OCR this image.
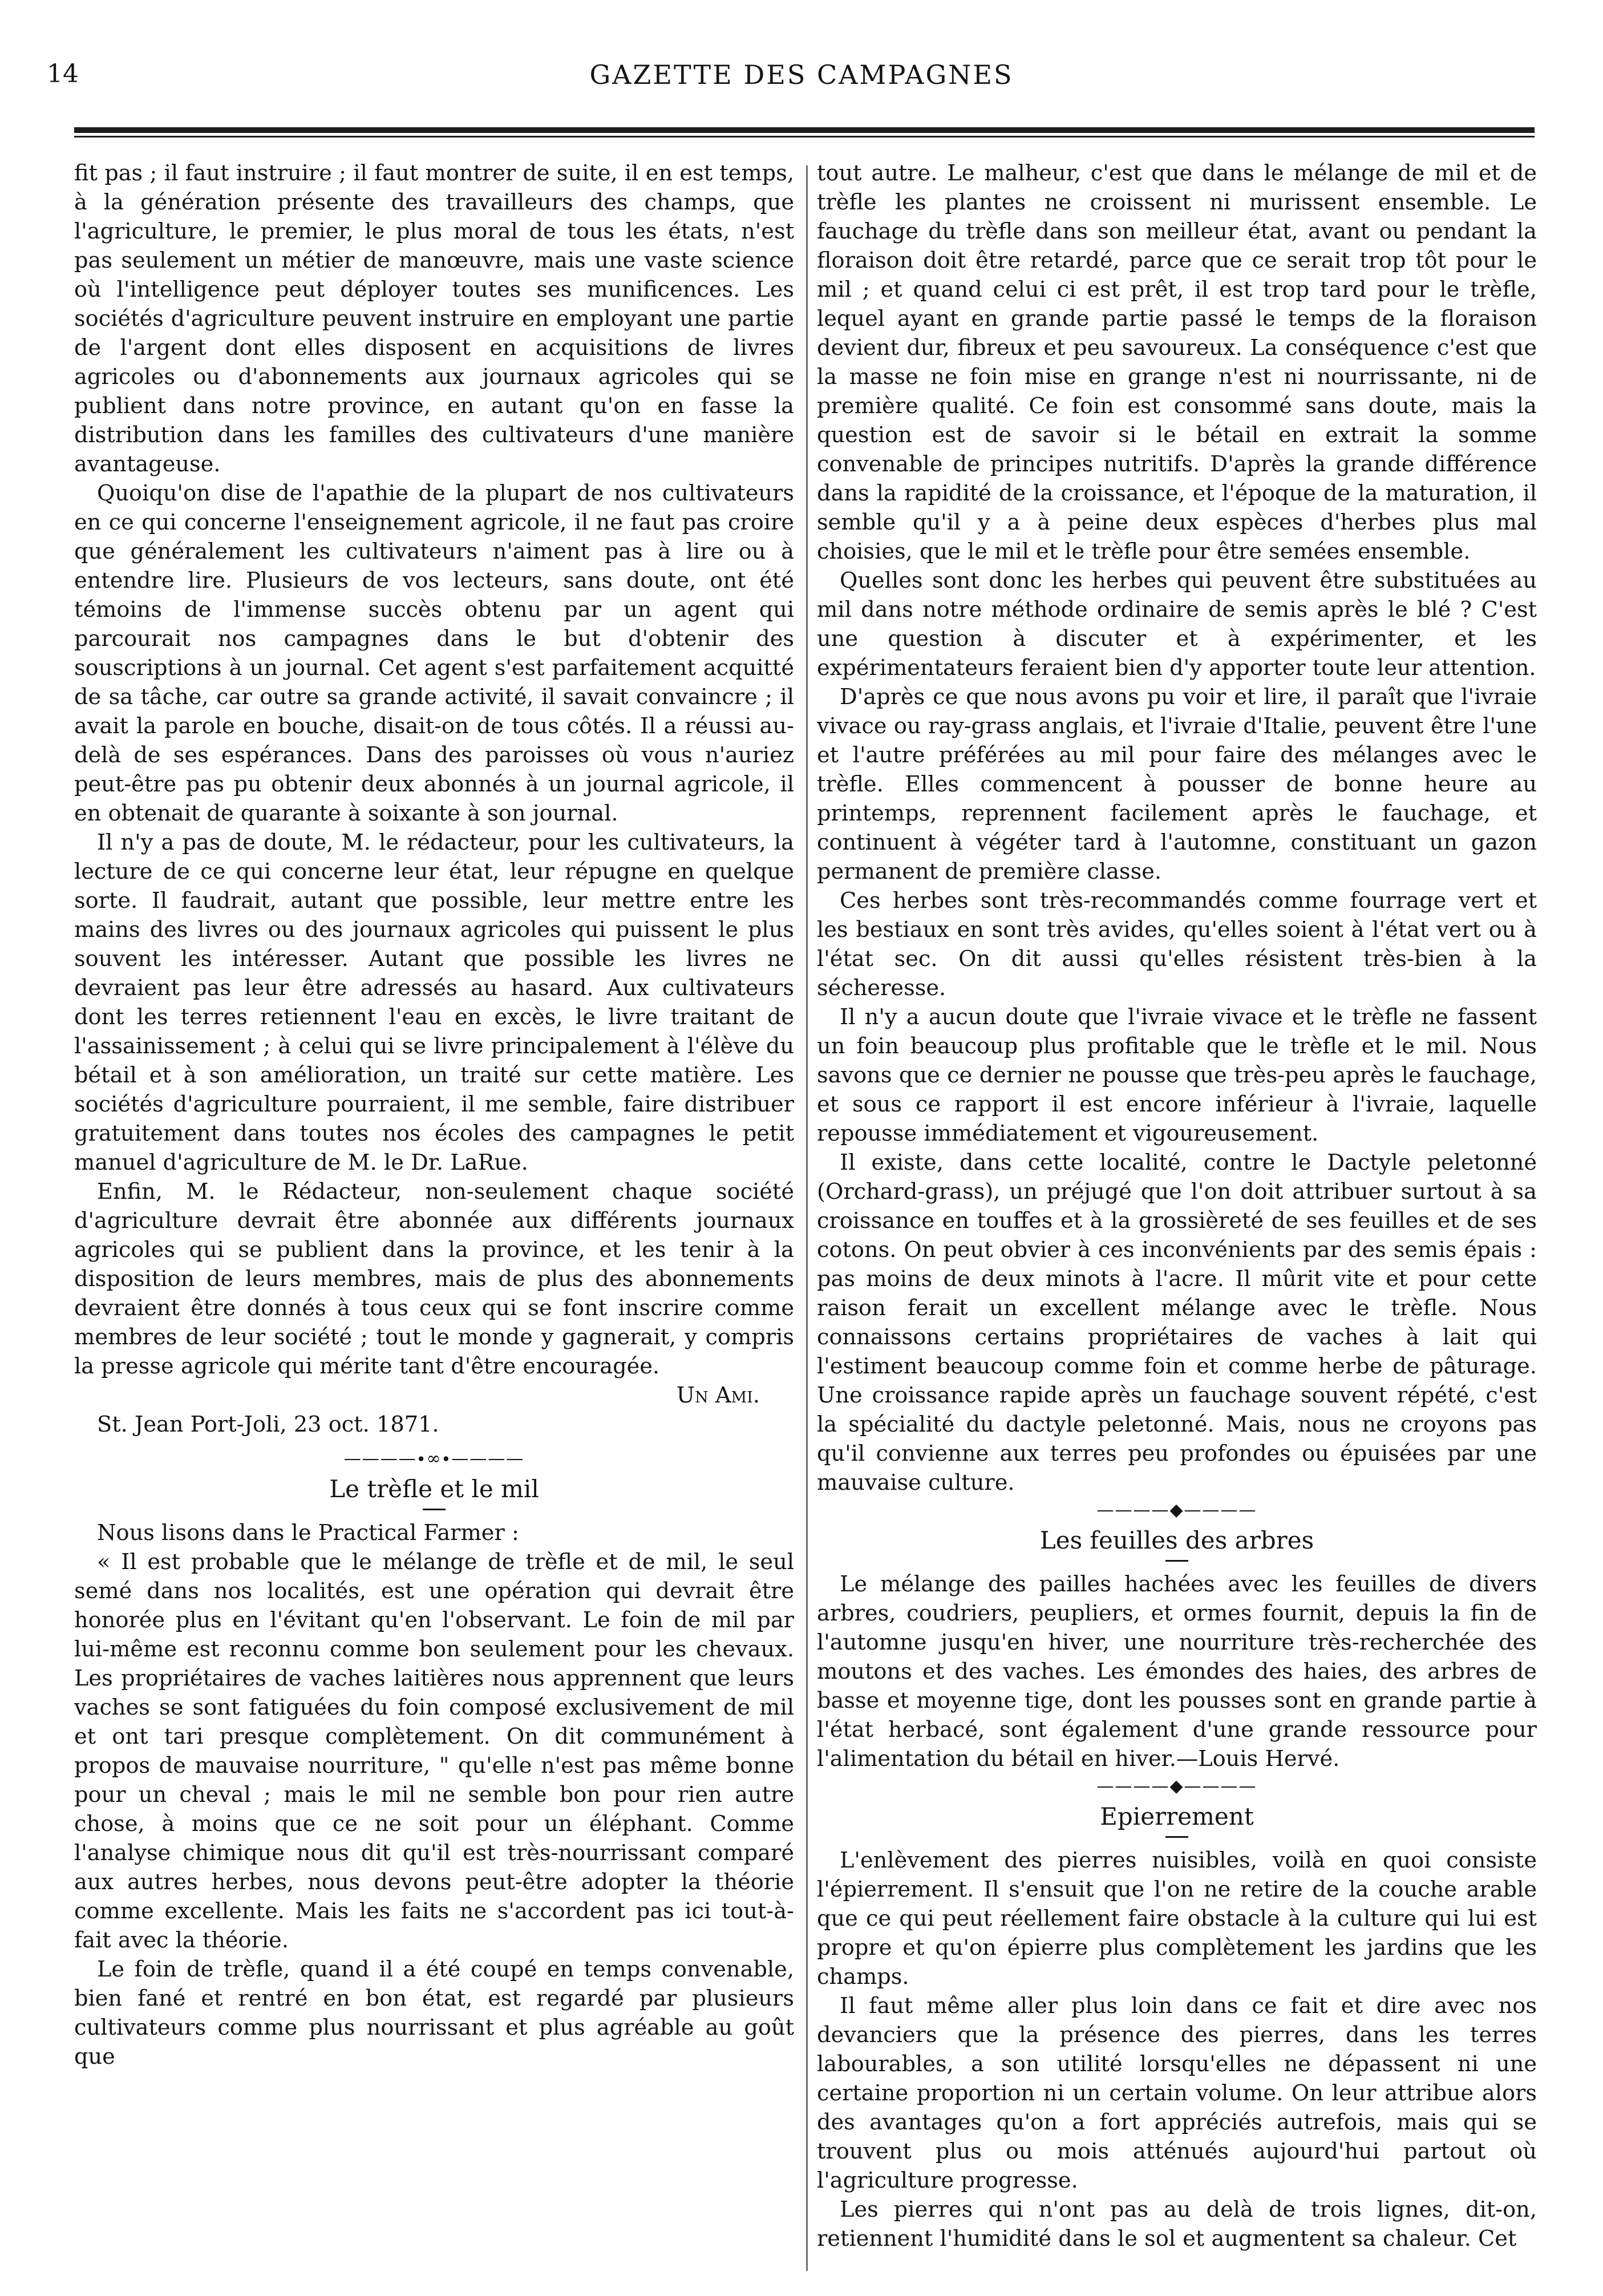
14	GAZETTE DES CAMPAGNES

fit pas ; il faut instruire ; il faut montrer de suite, il en est temps, à la génération présente des travailleurs des champs, que l'agriculture, le premier, le plus moral de tous les états, n'est pas seulement un métier de manœuvre, mais une vaste science où l'intelligence peut déployer toutes ses munificences. Les sociétés d'agriculture peuvent instruire en employant une partie de l'argent dont elles disposent en acquisitions de livres agricoles ou d'abonnements aux journaux agricoles qui se publient dans notre province, en autant qu'on en fasse la distribution dans les familles des cultivateurs d'une manière avantageuse.

Quoiqu'on dise de l'apathie de la plupart de nos cultivateurs en ce qui concerne l'enseignement agricole, il ne faut pas croire que généralement les cultivateurs n'aiment pas à lire ou à entendre lire. Plusieurs de vos lecteurs, sans doute, ont été témoins de l'immense succès obtenu par un agent qui parcourait nos campagnes dans le but d'obtenir des souscriptions à un journal. Cet agent s'est parfaitement acquitté de sa tâche, car outre sa grande activité, il savait convaincre ; il avait la parole en bouche, disait-on de tous côtés. Il a réussi au-delà de ses espérances. Dans des paroisses où vous n'auriez peut-être pas pu obtenir deux abonnés à un journal agricole, il en obtenait de quarante à soixante à son journal.

Il n'y a pas de doute, M. le rédacteur, pour les cultivateurs, la lecture de ce qui concerne leur état, leur répugne en quelque sorte. Il faudrait, autant que possible, leur mettre entre les mains des livres ou des journaux agricoles qui puissent le plus souvent les intéresser. Autant que possible les livres ne devraient pas leur être adressés au hasard. Aux cultivateurs dont les terres retiennent l'eau en excès, le livre traitant de l'assainissement ; à celui qui se livre principalement à l'élève du bétail et à son amélioration, un traité sur cette matière. Les sociétés d'agriculture pourraient, il me semble, faire distribuer gratuitement dans toutes nos écoles des campagnes le petit manuel d'agriculture de M. le Dr. LaRue.

Enfin, M. le Rédacteur, non-seulement chaque société d'agriculture devrait être abonnée aux différents journaux agricoles qui se publient dans la province, et les tenir à la disposition de leurs membres, mais de plus des abonnements devraient être donnés à tous ceux qui se font inscrire comme membres de leur société ; tout le monde y gagnerait, y compris la presse agricole qui mérite tant d'être encouragée.

Un Ami.

St. Jean Port-Joli, 23 oct. 1871.

————∙∞∙————
Le trèfle et le mil

Nous lisons dans le Practical Farmer :

« Il est probable que le mélange de trèfle et de mil, le seul semé dans nos localités, est une opération qui devrait être honorée plus en l'évitant qu'en l'observant. Le foin de mil par lui-même est reconnu comme bon seulement pour les chevaux. Les propriétaires de vaches laitières nous apprennent que leurs vaches se sont fatiguées du foin composé exclusivement de mil et ont tari presque complètement. On dit communément à propos de mauvaise nourriture, " qu'elle n'est pas même bonne pour un cheval ; mais le mil ne semble bon pour rien autre chose, à moins que ce ne soit pour un éléphant. Comme l'analyse chimique nous dit qu'il est très-nourrissant comparé aux autres herbes, nous devons peut-être adopter la théorie comme excellente. Mais les faits ne s'accordent pas ici tout-à-fait avec la théorie.

Le foin de trèfle, quand il a été coupé en temps convenable, bien fané et rentré en bon état, est regardé par plusieurs cultivateurs comme plus nourrissant et plus agréable au goût que

tout autre. Le malheur, c'est que dans le mélange de mil et de trèfle les plantes ne croissent ni murissent ensemble. Le fauchage du trèfle dans son meilleur état, avant ou pendant la floraison doit être retardé, parce que ce serait trop tôt pour le mil ; et quand celui ci est prêt, il est trop tard pour le trèfle, lequel ayant en grande partie passé le temps de la floraison devient dur, fibreux et peu savoureux. La conséquence c'est que la masse ne foin mise en grange n'est ni nourrissante, ni de première qualité. Ce foin est consommé sans doute, mais la question est de savoir si le bétail en extrait la somme convenable de principes nutritifs. D'après la grande différence dans la rapidité de la croissance, et l'époque de la maturation, il semble qu'il y a à peine deux espèces d'herbes plus mal choisies, que le mil et le trèfle pour être semées ensemble.

Quelles sont donc les herbes qui peuvent être substituées au mil dans notre méthode ordinaire de semis après le blé ? C'est une question à discuter et à expérimenter, et les expérimentateurs feraient bien d'y apporter toute leur attention.

D'après ce que nous avons pu voir et lire, il paraît que l'ivraie vivace ou ray-grass anglais, et l'ivraie d'Italie, peuvent être l'une et l'autre préférées au mil pour faire des mélanges avec le trèfle. Elles commencent à pousser de bonne heure au printemps, reprennent facilement après le fauchage, et continuent à végéter tard à l'automne, constituant un gazon permanent de première classe.

Ces herbes sont très-recommandés comme fourrage vert et les bestiaux en sont très avides, qu'elles soient à l'état vert ou à l'état sec. On dit aussi qu'elles résistent très-bien à la sécheresse.

Il n'y a aucun doute que l'ivraie vivace et le trèfle ne fassent un foin beaucoup plus profitable que le trèfle et le mil. Nous savons que ce dernier ne pousse que très-peu après le fauchage, et sous ce rapport il est encore inférieur à l'ivraie, laquelle repousse immédiatement et vigoureusement.

Il existe, dans cette localité, contre le Dactyle peletonné (Orchard-grass), un préjugé que l'on doit attribuer surtout à sa croissance en touffes et à la grossièreté de ses feuilles et de ses cotons. On peut obvier à ces inconvénients par des semis épais : pas moins de deux minots à l'acre. Il mûrit vite et pour cette raison ferait un excellent mélange avec le trèfle. Nous connaissons certains propriétaires de vaches à lait qui l'estiment beaucoup comme foin et comme herbe de pâturage. Une croissance rapide après un fauchage souvent répété, c'est la spécialité du dactyle peletonné. Mais, nous ne croyons pas qu'il convienne aux terres peu profondes ou épuisées par une mauvaise culture.

————◆————
Les feuilles des arbres

Le mélange des pailles hachées avec les feuilles de divers arbres, coudriers, peupliers, et ormes fournit, depuis la fin de l'automne jusqu'en hiver, une nourriture très-recherchée des moutons et des vaches. Les émondes des haies, des arbres de basse et moyenne tige, dont les pousses sont en grande partie à l'état herbacé, sont également d'une grande ressource pour l'alimentation du bétail en hiver.—Louis Hervé.

————◆————
Epierrement

L'enlèvement des pierres nuisibles, voilà en quoi consiste l'épierrement. Il s'ensuit que l'on ne retire de la couche arable que ce qui peut réellement faire obstacle à la culture qui lui est propre et qu'on épierre plus complètement les jardins que les champs.

Il faut même aller plus loin dans ce fait et dire avec nos devanciers que la présence des pierres, dans les terres labourables, a son utilité lorsqu'elles ne dépassent ni une certaine proportion ni un certain volume. On leur attribue alors des avantages qu'on a fort appréciés autrefois, mais qui se trouvent plus ou mois atténués aujourd'hui partout où l'agriculture progresse.

Les pierres qui n'ont pas au delà de trois lignes, dit-on, retiennent l'humidité dans le sol et augmentent sa chaleur. Cet
